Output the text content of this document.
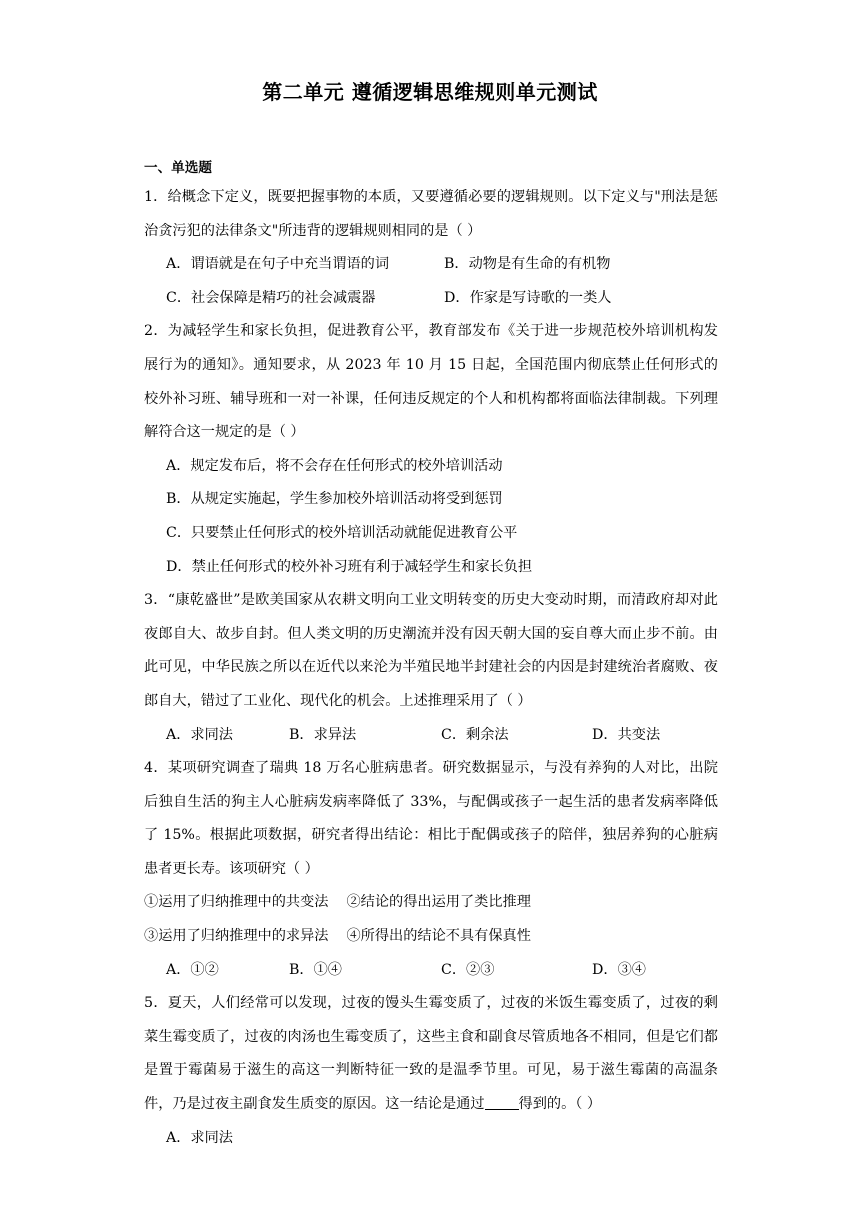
第二单元 遵循逻辑思维规则单元测试

一、单选题

1．给概念下定义，既要把握事物的本质，又要遵循必要的逻辑规则。以下定义与"刑法是惩治贪污犯的法律条文"所违背的逻辑规则相同的是（ ）

A．谓语就是在句子中充当谓语的词	B．动物是有生命的有机物
C．社会保障是精巧的社会减震器	D．作家是写诗歌的一类人

2．为减轻学生和家长负担，促进教育公平，教育部发布《关于进一步规范校外培训机构发展行为的通知》。通知要求，从 2023 年 10 月 15 日起，全国范围内彻底禁止任何形式的校外补习班、辅导班和一对一补课，任何违反规定的个人和机构都将面临法律制裁。下列理解符合这一规定的是（ ）

A．规定发布后，将不会存在任何形式的校外培训活动

B．从规定实施起，学生参加校外培训活动将受到惩罚

C．只要禁止任何形式的校外培训活动就能促进教育公平

D．禁止任何形式的校外补习班有利于减轻学生和家长负担

3．“康乾盛世”是欧美国家从农耕文明向工业文明转变的历史大变动时期，而清政府却对此夜郎自大、故步自封。但人类文明的历史潮流并没有因天朝大国的妄自尊大而止步不前。由此可见，中华民族之所以在近代以来沦为半殖民地半封建社会的内因是封建统治者腐败、夜郎自大，错过了工业化、现代化的机会。上述推理采用了（ ）

A．求同法	B．求异法	C．剩余法	D．共变法

4．某项研究调查了瑞典 18 万名心脏病患者。研究数据显示，与没有养狗的人对比，出院后独自生活的狗主人心脏病发病率降低了 33%，与配偶或孩子一起生活的患者发病率降低了 15%。根据此项数据，研究者得出结论：相比于配偶或孩子的陪伴，独居养狗的心脏病患者更长寿。该项研究（ ）

①运用了归纳推理中的共变法    ②结论的得出运用了类比推理

③运用了归纳推理中的求异法    ④所得出的结论不具有保真性

A．①②	B．①④	C．②③	D．③④

5．夏天，人们经常可以发现，过夜的馒头生霉变质了，过夜的米饭生霉变质了，过夜的剩菜生霉变质了，过夜的肉汤也生霉变质了，这些主食和副食尽管质地各不相同，但是它们都是置于霉菌易于滋生的高这一判断特征一致的是温季节里。可见，易于滋生霉菌的高温条件，乃是过夜主副食发生质变的原因。这一结论是通过 得到的。（ ）

A．求同法
